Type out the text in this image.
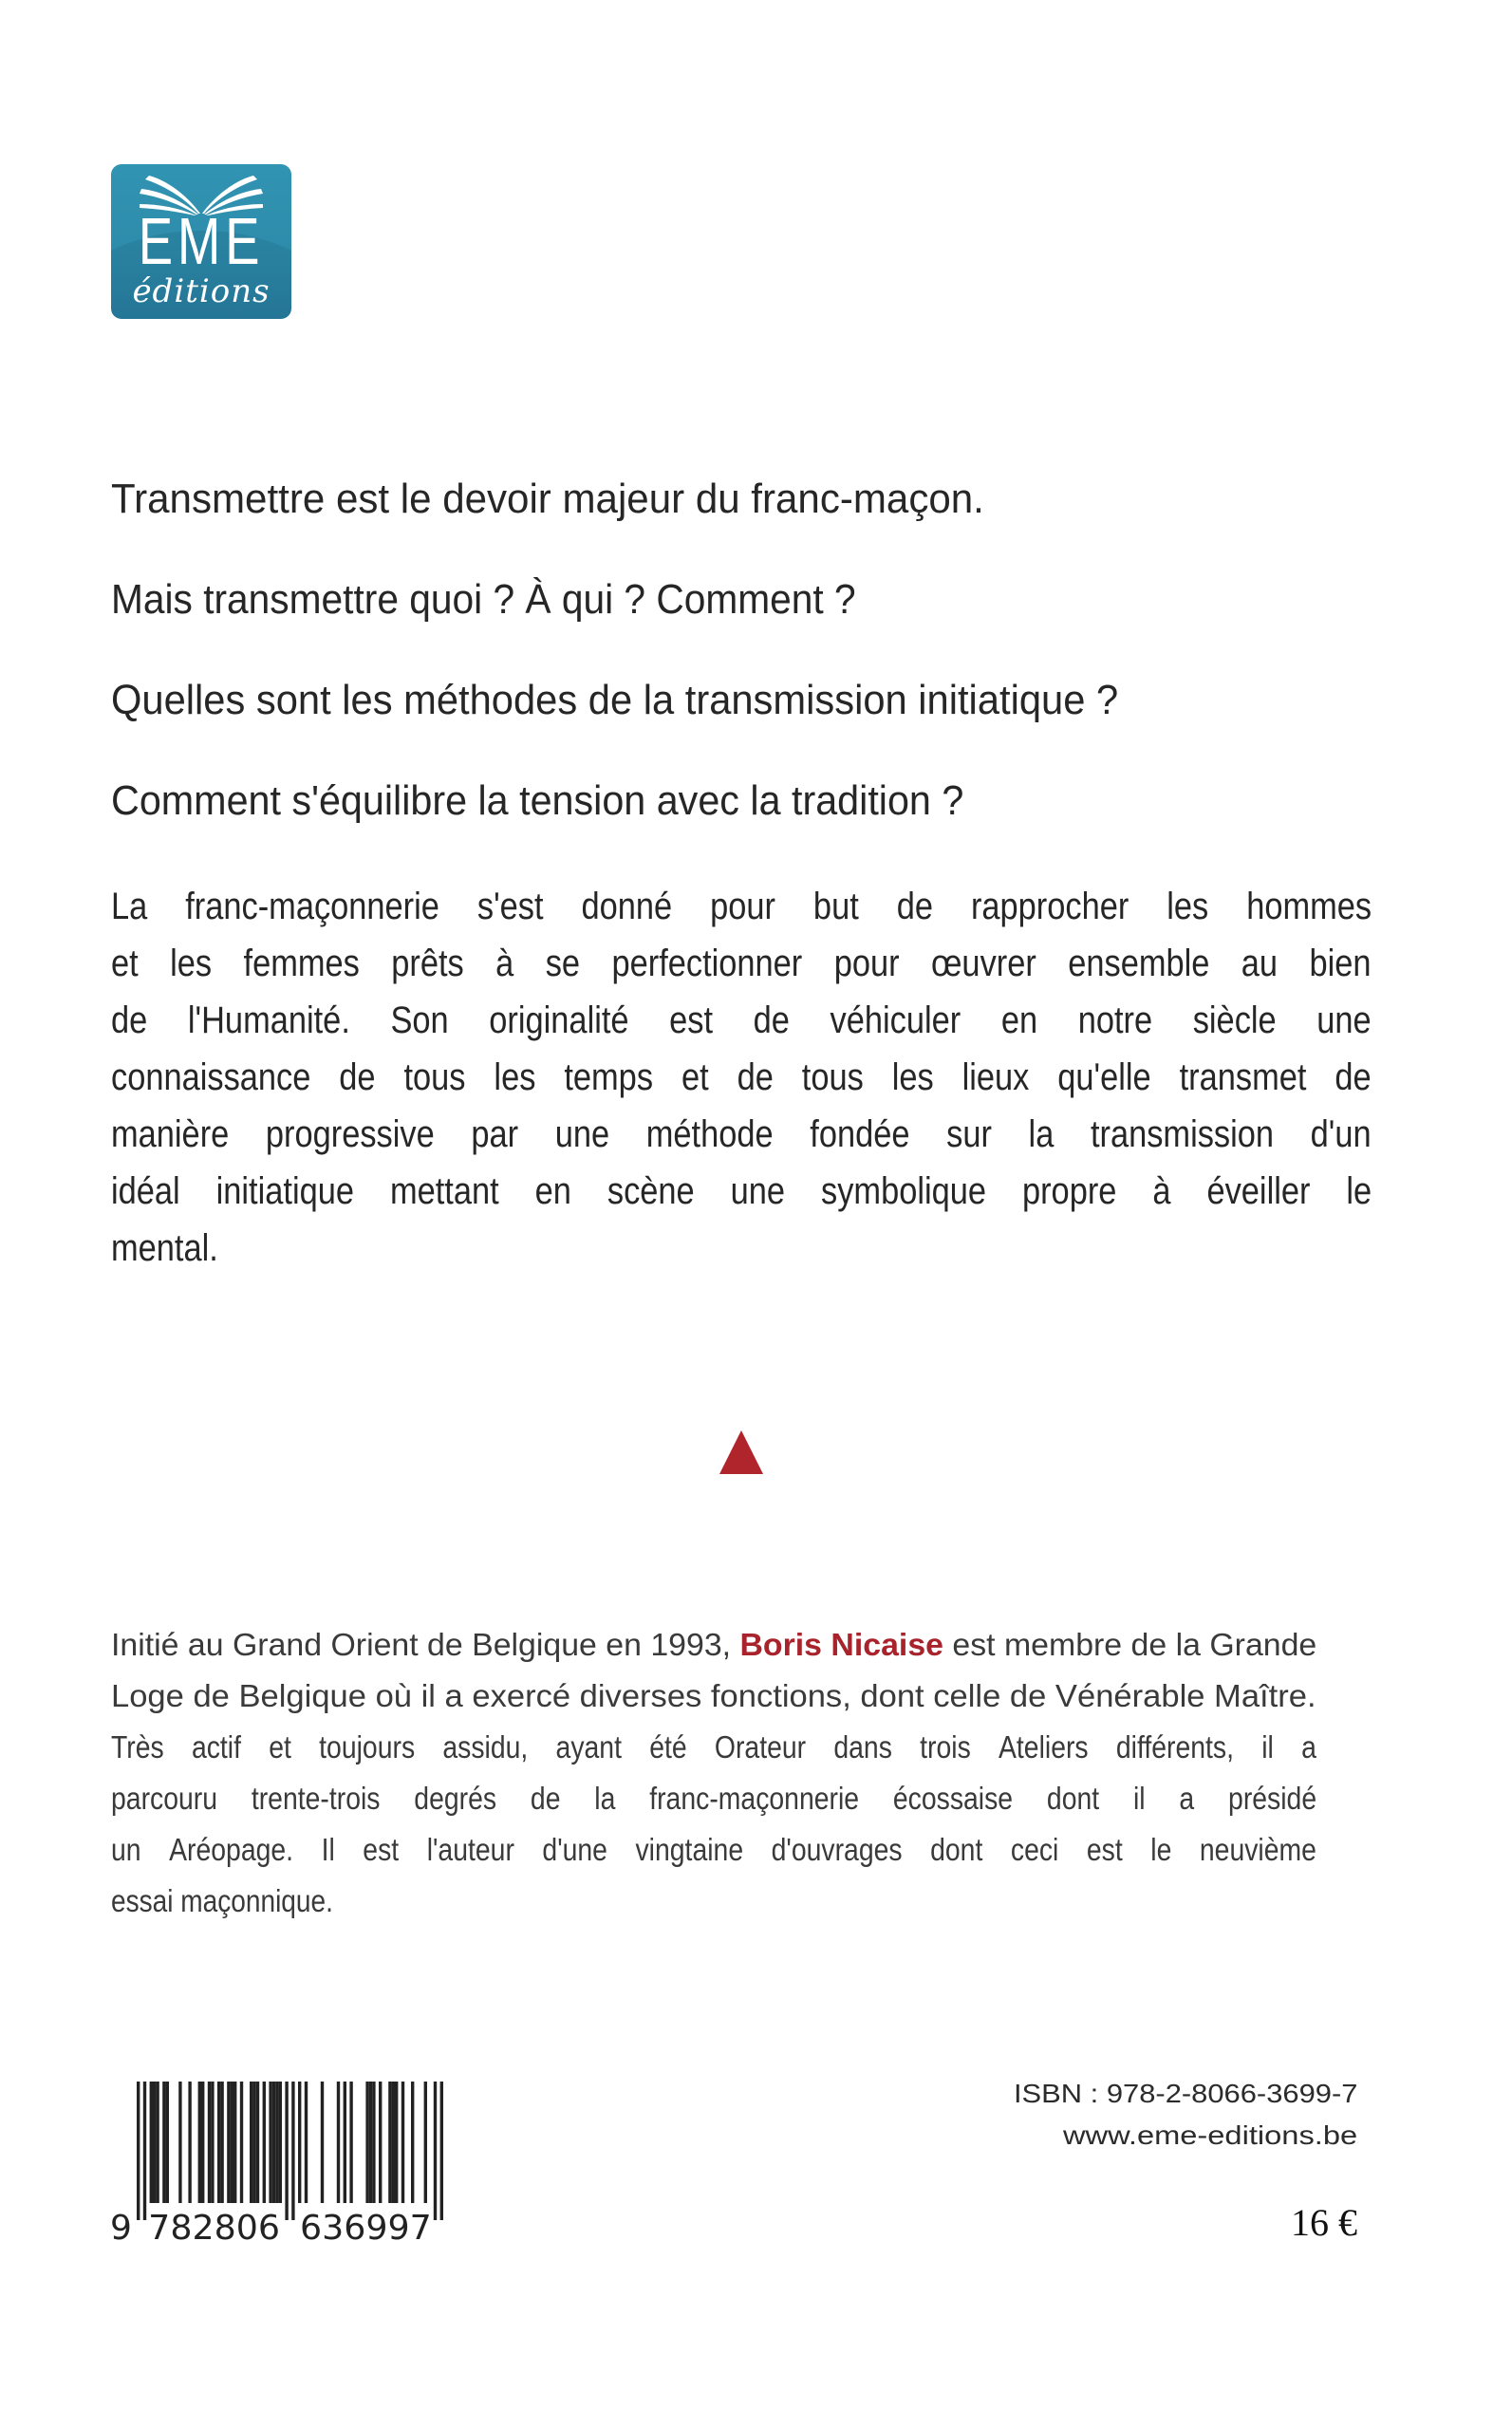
EME
éditions
Transmettre est le devoir majeur du franc-maçon.
Mais transmettre quoi ? À qui ? Comment ?
Quelles sont les méthodes de la transmission initiatique ?
Comment s'équilibre la tension avec la tradition ?
La franc-maçonnerie s'est donné pour but de rapprocher les hommes
et les femmes prêts à se perfectionner pour œuvrer ensemble au bien
de l'Humanité. Son originalité est de véhiculer en notre siècle une
connaissance de tous les temps et de tous les lieux qu'elle transmet de
manière progressive par une méthode fondée sur la transmission d'un
idéal initiatique mettant en scène une symbolique propre à éveiller le
mental.
Initié au Grand Orient de Belgique en 1993, Boris Nicaise est membre de la Grande
Loge de Belgique où il a exercé diverses fonctions, dont celle de Vénérable Maître.
Très actif et toujours assidu, ayant été Orateur dans trois Ateliers différents, il a
parcouru trente-trois degrés de la franc-maçonnerie écossaise dont il a présidé
un Aréopage. Il est l'auteur d'une vingtaine d'ouvrages dont ceci est le neuvième
essai maçonnique.
9 782806 636997
ISBN : 978-2-8066-3699-7
www.eme-editions.be
16 €
